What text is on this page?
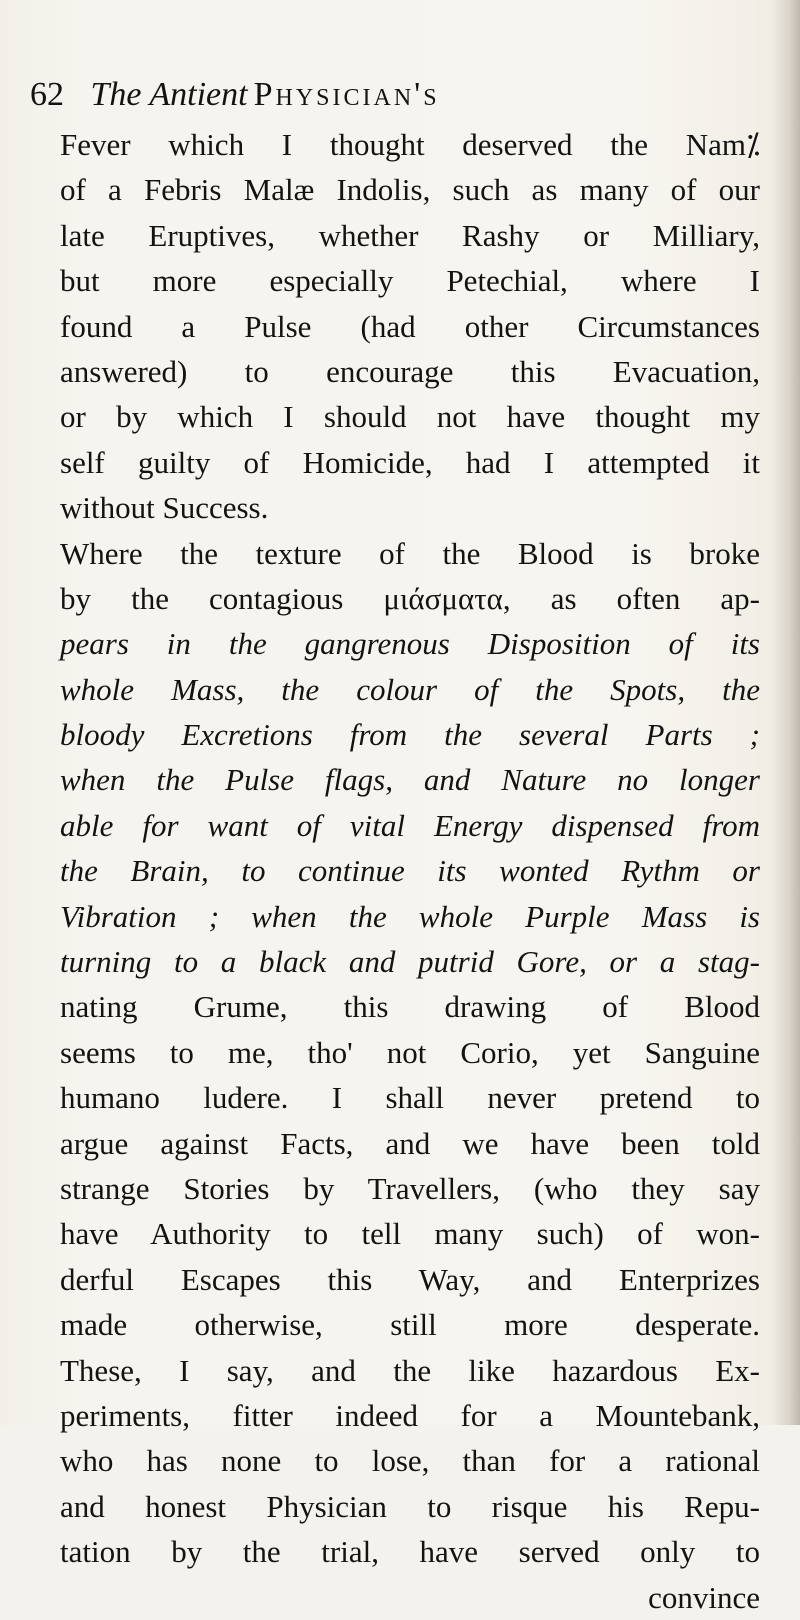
62 The Antient Physician's
Fever which I thought deserved the Nam⁒
of a Febris Malæ Indolis, such as many of our
late Eruptives, whether Rashy or Milliary,
but more especially Petechial, where I
found a Pulse (had other Circumstances
answered) to encourage this Evacuation,
or by which I should not have thought my
self guilty of Homicide, had I attempted it
without Success.
Where the texture of the Blood is broke
by the contagious μιάσματα, as often ap-
pears in the gangrenous Disposition of its
whole Mass, the colour of the Spots, the
bloody Excretions from the several Parts ;
when the Pulse flags, and Nature no longer
able for want of vital Energy dispensed from
the Brain, to continue its wonted Rythm or
Vibration ; when the whole Purple Mass is
turning to a black and putrid Gore, or a stag-
nating Grume, this drawing of Blood
seems to me, tho' not Corio, yet Sanguine
humano ludere. I shall never pretend to
argue against Facts, and we have been told
strange Stories by Travellers, (who they say
have Authority to tell many such) of won-
derful Escapes this Way, and Enterprizes
made otherwise, still more desperate.
These, I say, and the like hazardous Ex-
periments, fitter indeed for a Mountebank,
who has none to lose, than for a rational
and honest Physician to risque his Repu-
tation by the trial, have served only to
convince
